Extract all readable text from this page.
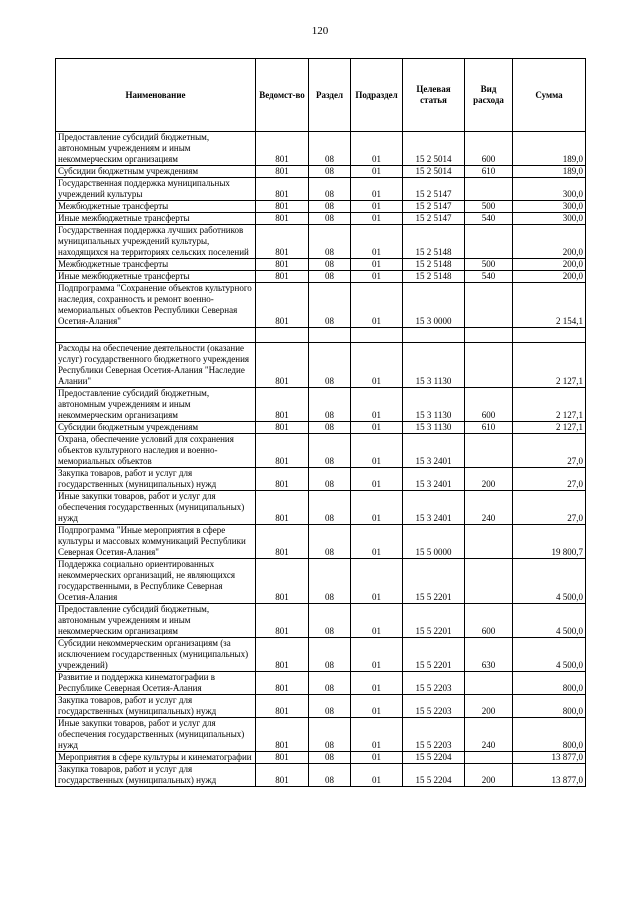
120
Наименование	Ведомст-во	Раздел	Подраздел	Целевая статья	Вид расхода	Сумма
Предоставление субсидий бюджетным, автономным учреждениям и иным некоммерческим организациям	801	08	01	15 2 5014	600	189,0
Субсидии бюджетным учреждениям	801	08	01	15 2 5014	610	189,0
Государственная поддержка муниципальных учреждений культуры	801	08	01	15 2 5147		300,0
Межбюджетные трансферты	801	08	01	15 2 5147	500	300,0
Иные межбюджетные трансферты	801	08	01	15 2 5147	540	300,0
Государственная поддержка лучших работников муниципальных учреждений культуры, находящихся на территориях сельских поселений	801	08	01	15 2 5148		200,0
Межбюджетные трансферты	801	08	01	15 2 5148	500	200,0
Иные межбюджетные трансферты	801	08	01	15 2 5148	540	200,0
Подпрограмма "Сохранение объектов культурного наследия, сохранность и ремонт военно-мемориальных объектов Республики Северная Осетия-Алания"	801	08	01	15 3 0000		2 154,1

Расходы на обеспечение деятельности (оказание услуг) государственного бюджетного учреждения Республики Северная Осетия-Алания "Наследие Алании"	801	08	01	15 3 1130		2 127,1
Предоставление субсидий бюджетным, автономным учреждениям и иным некоммерческим организациям	801	08	01	15 3 1130	600	2 127,1
Субсидии бюджетным учреждениям	801	08	01	15 3 1130	610	2 127,1
Охрана, обеспечение условий для сохранения объектов культурного наследия и военно-мемориальных объектов	801	08	01	15 3 2401		27,0
Закупка товаров, работ и услуг для государственных (муниципальных) нужд	801	08	01	15 3 2401	200	27,0
Иные закупки товаров, работ и услуг для обеспечения государственных (муниципальных) нужд	801	08	01	15 3 2401	240	27,0
Подпрограмма "Иные мероприятия в сфере культуры и массовых коммуникаций Республики Северная Осетия-Алания"	801	08	01	15 5 0000		19 800,7
Поддержка социально ориентированных некоммерческих организаций, не являющихся государственными, в Республике Северная Осетия-Алания	801	08	01	15 5 2201		4 500,0
Предоставление субсидий бюджетным, автономным учреждениям и иным некоммерческим организациям	801	08	01	15 5 2201	600	4 500,0
Субсидии некоммерческим организациям (за исключением государственных (муниципальных) учреждений)	801	08	01	15 5 2201	630	4 500,0
Развитие и поддержка кинематографии в Республике Северная Осетия-Алания	801	08	01	15 5 2203		800,0
Закупка товаров, работ и услуг для государственных (муниципальных) нужд	801	08	01	15 5 2203	200	800,0
Иные закупки товаров, работ и услуг для обеспечения государственных (муниципальных) нужд	801	08	01	15 5 2203	240	800,0
Мероприятия в сфере культуры и кинематографии	801	08	01	15 5 2204		13 877,0
Закупка товаров, работ и услуг для государственных (муниципальных) нужд	801	08	01	15 5 2204	200	13 877,0
